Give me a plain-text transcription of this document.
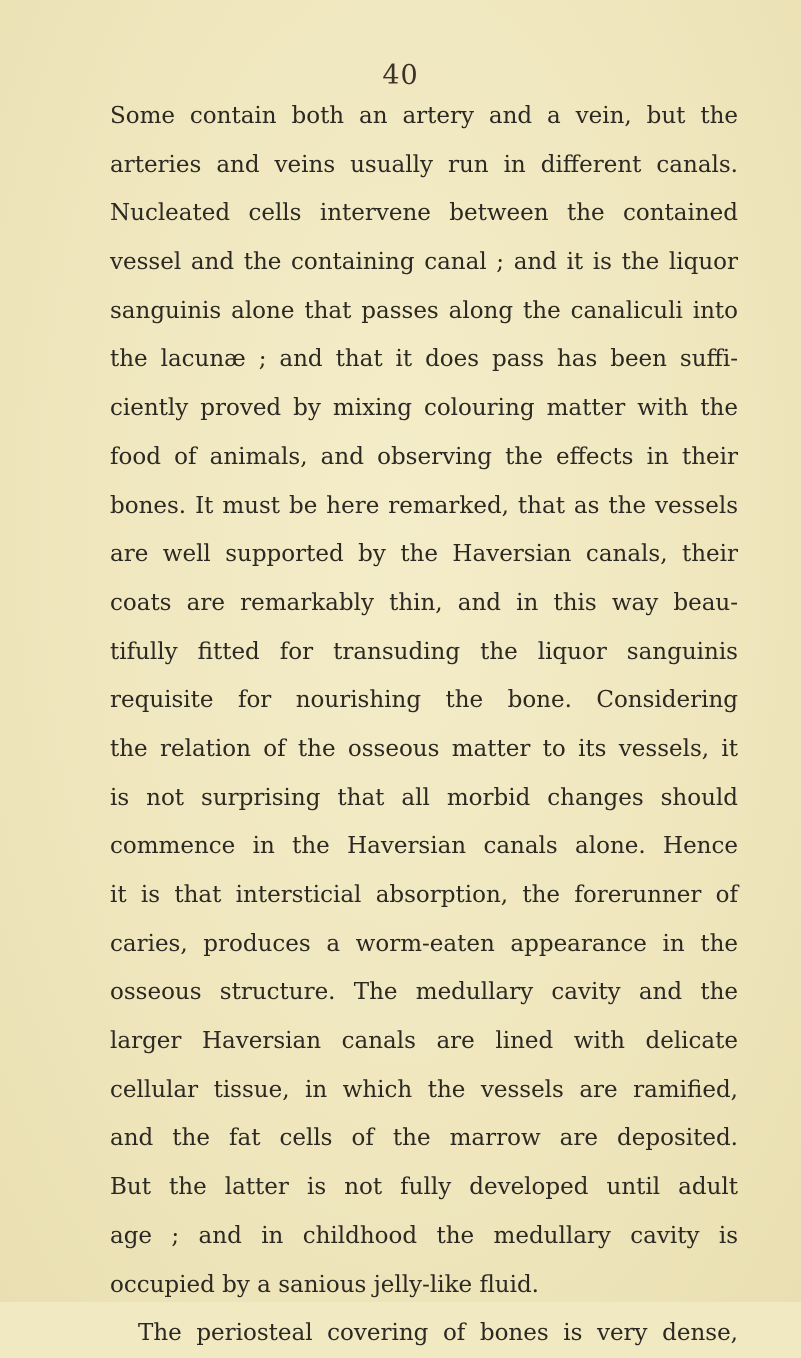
40
Some contain both an artery and a vein, but the
arteries and veins usually run in different canals.
Nucleated cells intervene between the contained
vessel and the containing canal ; and it is the liquor
sanguinis alone that passes along the canaliculi into
the lacunæ ; and that it does pass has been suffi-
ciently proved by mixing colouring matter with the
food of animals, and observing the effects in their
bones. It must be here remarked, that as the vessels
are well supported by the Haversian canals, their
coats are remarkably thin, and in this way beau-
tifully fitted for transuding the liquor sanguinis
requisite for nourishing the bone. Considering
the relation of the osseous matter to its vessels, it
is not surprising that all morbid changes should
commence in the Haversian canals alone. Hence
it is that intersticial absorption, the forerunner of
caries, produces a worm-eaten appearance in the
osseous structure. The medullary cavity and the
larger Haversian canals are lined with delicate
cellular tissue, in which the vessels are ramified,
and the fat cells of the marrow are deposited.
But the latter is not fully developed until adult
age ; and in childhood the medullary cavity is
occupied by a sanious jelly-like fluid.
The periosteal covering of bones is very dense,
